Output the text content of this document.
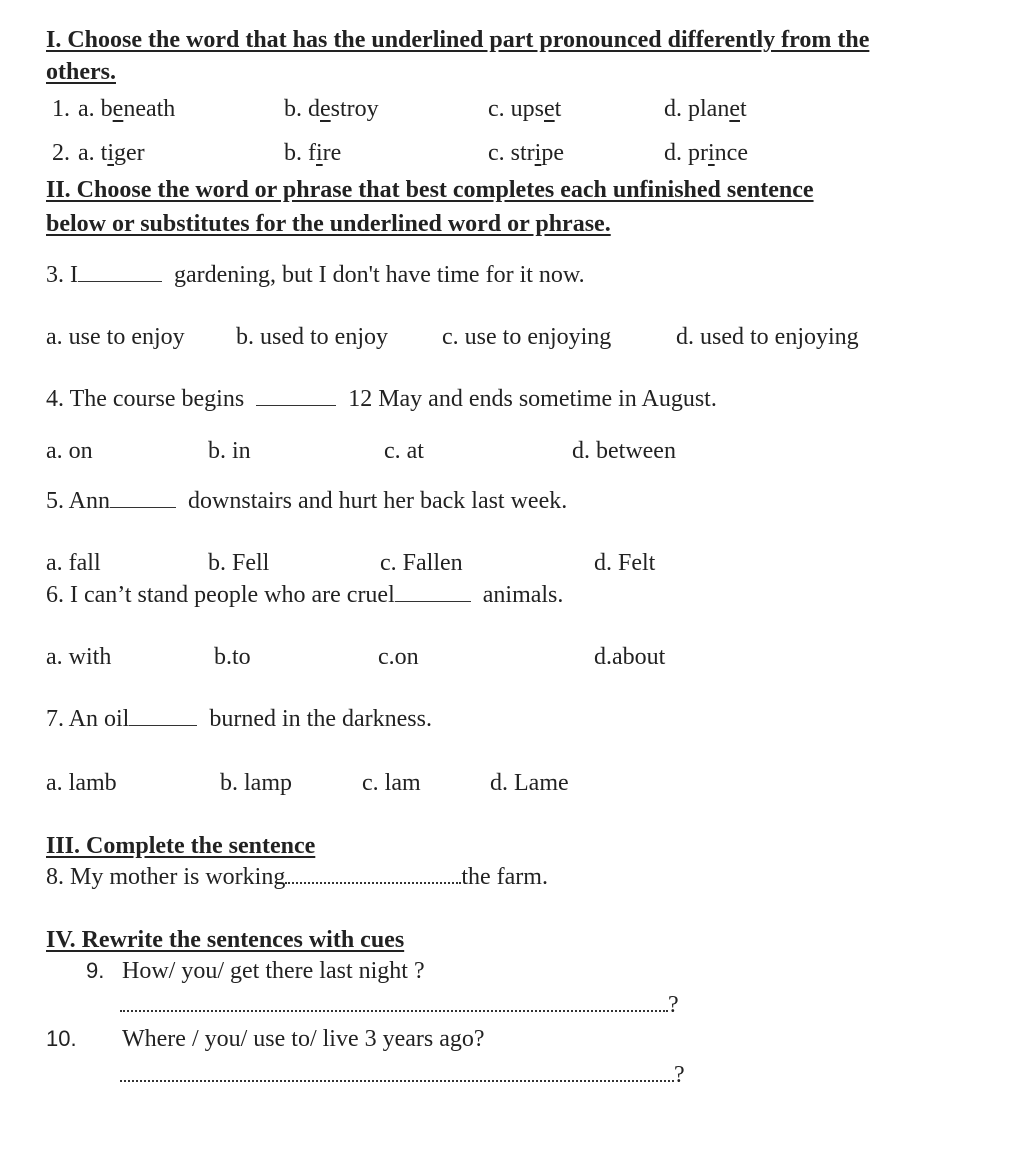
I. Choose the word that has the underlined part pronounced differently from the
others.
1. a. beneath	b. destroy	c. upset	d. planet
2. a. tiger	b. fire	c. stripe	d. prince
II. Choose the word or phrase that best completes each unfinished sentence
below or substitutes for the underlined word or phrase.
3. I	gardening, but I don't have time for it now.
a. use to enjoy b. used to enjoy c. use to enjoying	d. used to enjoying
4. The course begins	12 May and ends sometime in August.
a. on	b. in	c. at	d. between
5. Ann	downstairs and hurt her back last week.
a. fall	b. Fell	c. Fallen	d. Felt
6. I can’t stand people who are cruel	animals.
a. with	b.to	c.on	d.about
7. An oil	burned in the darkness.
a. lamb	b. lamp	c. lam	d. Lame
III. Complete the sentence
8. My mother is working	the farm.
IV. Rewrite the sentences with cues
9. How/ you/ get there last night ?
?
10. Where / you/ use to/ live 3 years ago?
?
